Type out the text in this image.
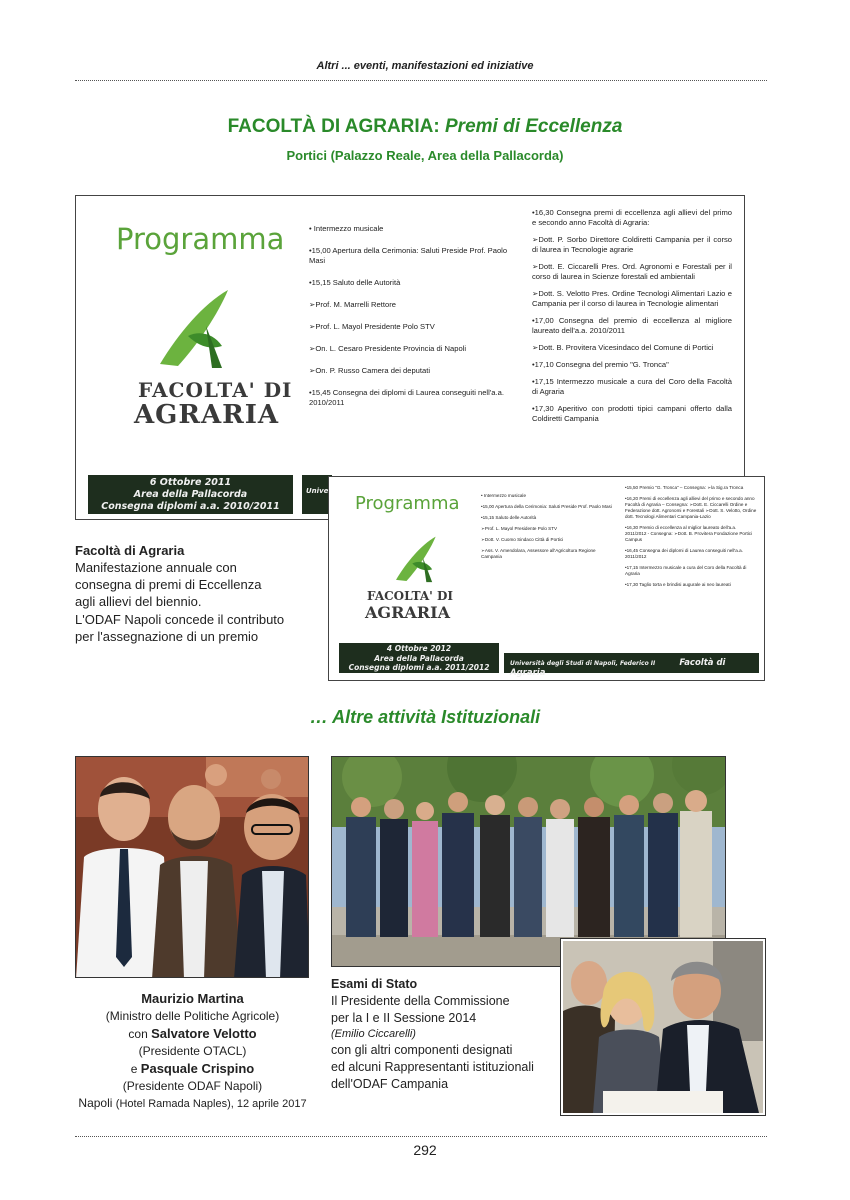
Altri ... eventi, manifestazioni ed iniziative
FACOLTÀ DI AGRARIA: Premi di Eccellenza
Portici (Palazzo Reale, Area della Pallacorda)
Programma
FACOLTA' DI
AGRARIA
6 Ottobre 2011
Area della Pallacorda
Consegna diplomi a.a. 2010/2011
Unive

• Intermezzo musicale

•15,00 Apertura della Cerimonia: Saluti Preside Prof. Paolo Masi

•15,15 Saluto delle Autorità

➢Prof. M. Marrelli Rettore

➢Prof. L. Mayol Presidente Polo STV

➢On. L. Cesaro Presidente Provincia di Napoli

➢On. P. Russo Camera dei deputati

•15,45 Consegna dei diplomi di Laurea conseguiti nell'a.a. 2010/2011

•16,30 Consegna premi di eccellenza agli allievi del primo e secondo anno Facoltà di Agraria:

➢Dott. P. Sorbo Direttore Coldiretti Campania per il corso di laurea in Tecnologie agrarie

➢Dott. E. Ciccarelli Pres. Ord. Agronomi e Forestali per il corso di laurea in Scienze forestali ed ambientali

➢Dott. S. Velotto Pres. Ordine Tecnologi Alimentari Lazio e Campania per il corso di laurea in Tecnologie alimentari

•17,00 Consegna del premio di eccellenza al migliore laureato dell'a.a. 2010/2011

➢Dott. B. Provitera Vicesindaco del Comune di Portici

•17,10 Consegna del premio "G. Tronca"

•17,15 Intermezzo musicale a cura del Coro della Facoltà di Agraria

•17,30 Aperitivo con prodotti tipici campani offerto dalla Coldiretti Campania

Programma
FACOLTA' DI
AGRARIA
4 Ottobre 2012
Area della Pallacorda
Consegna diplomi a.a. 2011/2012	Università degli Studi di Napoli, Federico II	Facoltà di Agraria

• Intermezzo musicale

•15,00 Apertura della Cerimonia: Saluti Preside Prof. Paolo Masi

•15,15 Saluto delle Autorità

➢Prof. L. Mayol Presidente Polo STV

➢Dott. V. Cuomo Sindaco Città di Portici

➢Ass. V. Amendolara, Assessore all'Agricoltura Regione Campania

•15,50 Premio "G. Tronca" – Consegna: ➢la Sig.ra Tronca

•16,20 Premi di eccellenza agli allievi del primo e secondo anno Facoltà di Agraria – Consegna: ➢Dott. E. Ciccarelli Ordine e Federazione dott. Agronomi e Forestali ➢Dott. S. Velotto, Ordine dott. Tecnologi Alimentari Campania-Lazio

•16,30 Premio di eccellenza al miglior laureato dell'a.a. 2011/2012 - Consegna: ➢Dott. B. Provitera Fondazione Portici Campus

•16,45 Consegna dei diplomi di Laurea conseguiti nell'a.a. 2011/2012

•17,15 Intermezzo musicale a cura del Coro della Facoltà di Agraria

•17,30 Taglio torta e brindisi augurale ai neo laureati

Facoltà di Agraria
Manifestazione annuale con
consegna di premi di Eccellenza
agli allievi del biennio.
L'ODAF Napoli concede il contributo
per l'assegnazione di un premio
… Altre attività Istituzionali
Maurizio Martina
(Ministro delle Politiche Agricole)
con Salvatore Velotto
(Presidente OTACL)
e Pasquale Crispino
(Presidente ODAF Napoli)
Napoli (Hotel Ramada Naples), 12 aprile 2017
Esami di Stato
Il Presidente della Commissione
per la I e II Sessione 2014
(Emilio Ciccarelli)
con gli altri componenti designati
ed alcuni Rappresentanti istituzionali
dell'ODAF Campania
292
